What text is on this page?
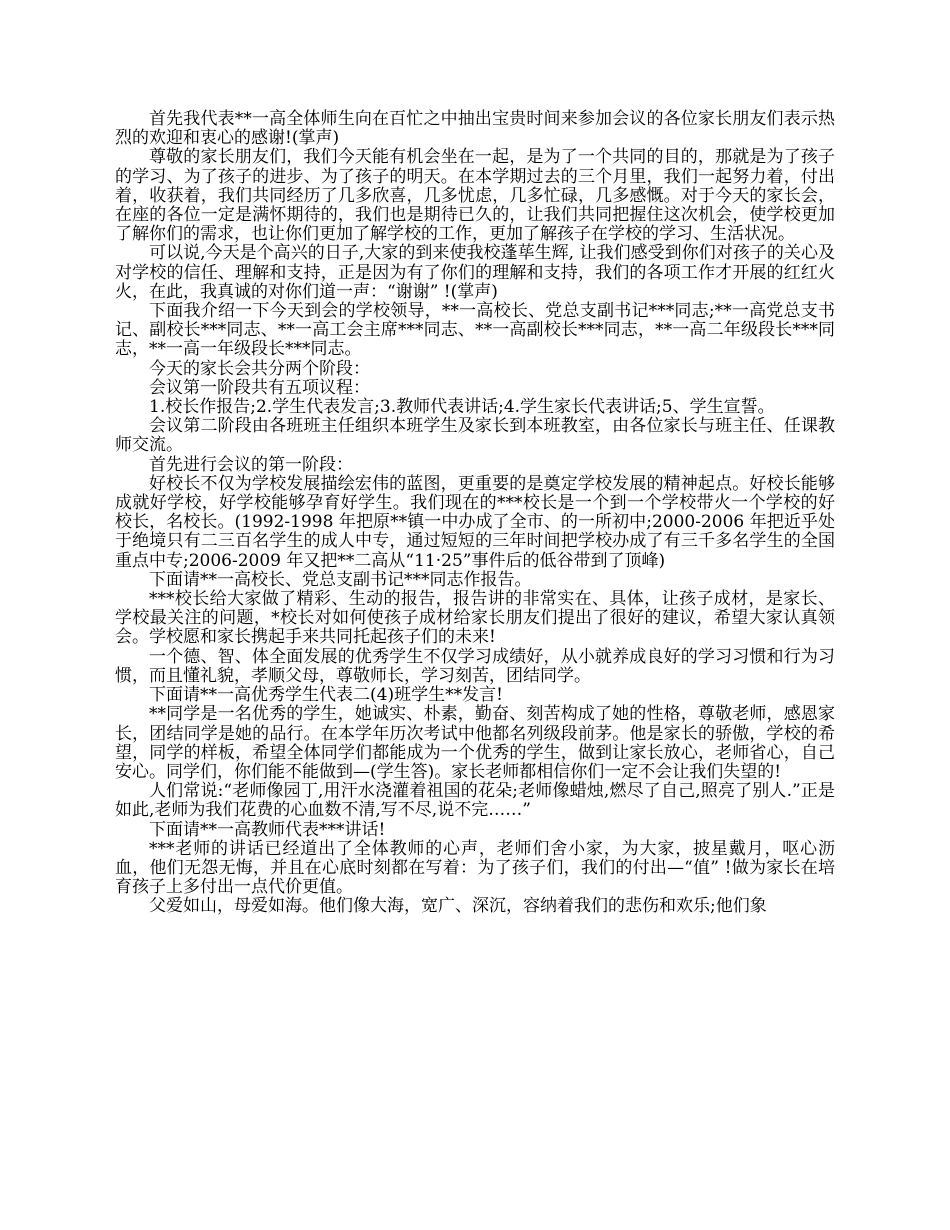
首先我代表**一高全体师生向在百忙之中抽出宝贵时间来参加会议的各位家长朋友们表示热烈的欢迎和衷心的感谢!(掌声)

尊敬的家长朋友们，我们今天能有机会坐在一起，是为了一个共同的目的，那就是为了孩子的学习、为了孩子的进步、为了孩子的明天。在本学期过去的三个月里，我们一起努力着，付出着，收获着，我们共同经历了几多欣喜，几多忧虑，几多忙碌，几多感慨。对于今天的家长会，在座的各位一定是满怀期待的，我们也是期待已久的，让我们共同把握住这次机会，使学校更加了解你们的需求，也让你们更加了解学校的工作，更加了解孩子在学校的学习、生活状况。

可以说,今天是个高兴的日子,大家的到来使我校蓬荜生辉, 让我们感受到你们对孩子的关心及对学校的信任、理解和支持，正是因为有了你们的理解和支持，我们的各项工作才开展的红红火火，在此，我真诚的对你们道一声：“谢谢” !(掌声)

下面我介绍一下今天到会的学校领导，**一高校长、党总支副书记***同志;**一高党总支书记、副校长***同志、**一高工会主席***同志、**一高副校长***同志，**一高二年级段长***同志，**一高一年级段长***同志。

今天的家长会共分两个阶段：

会议第一阶段共有五项议程：

1.校长作报告;2.学生代表发言;3.教师代表讲话;4.学生家长代表讲话;5、学生宣誓。

会议第二阶段由各班班主任组织本班学生及家长到本班教室，由各位家长与班主任、任课教师交流。

首先进行会议的第一阶段：

好校长不仅为学校发展描绘宏伟的蓝图，更重要的是奠定学校发展的精神起点。好校长能够成就好学校，好学校能够孕育好学生。我们现在的***校长是一个到一个学校带火一个学校的好校长，名校长。(1992-1998 年把原**镇一中办成了全市、的一所初中;2000-2006 年把近乎处于绝境只有二三百名学生的成人中专，通过短短的三年时间把学校办成了有三千多名学生的全国重点中专;2006-2009 年又把**二高从“11·25”事件后的低谷带到了顶峰)

下面请**一高校长、党总支副书记***同志作报告。

***校长给大家做了精彩、生动的报告，报告讲的非常实在、具体，让孩子成材，是家长、学校最关注的问题，*校长对如何使孩子成材给家长朋友们提出了很好的建议，希望大家认真领会。学校愿和家长携起手来共同托起孩子们的未来!

一个德、智、体全面发展的优秀学生不仅学习成绩好，从小就养成良好的学习习惯和行为习惯，而且懂礼貌，孝顺父母，尊敬师长，学习刻苦，团结同学。

下面请**一高优秀学生代表二(4)班学生**发言!

**同学是一名优秀的学生，她诚实、朴素，勤奋、刻苦构成了她的性格，尊敬老师，感恩家长，团结同学是她的品行。在本学年历次考试中他都名列级段前茅。他是家长的骄傲，学校的希望，同学的样板，希望全体同学们都能成为一个优秀的学生，做到让家长放心，老师省心，自己安心。同学们，你们能不能做到—(学生答)。家长老师都相信你们一定不会让我们失望的!

人们常说:“老师像园丁,用汗水浇灌着祖国的花朵;老师像蜡烛,燃尽了自己,照亮了别人.”正是如此,老师为我们花费的心血数不清,写不尽,说不完……”

下面请**一高教师代表***讲话!

***老师的讲话已经道出了全体教师的心声，老师们舍小家，为大家，披星戴月，呕心沥血，他们无怨无悔，并且在心底时刻都在写着：为了孩子们，我们的付出—“值” !做为家长在培育孩子上多付出一点代价更值。

父爱如山，母爱如海。他们像大海，宽广、深沉，容纳着我们的悲伤和欢乐;他们象
